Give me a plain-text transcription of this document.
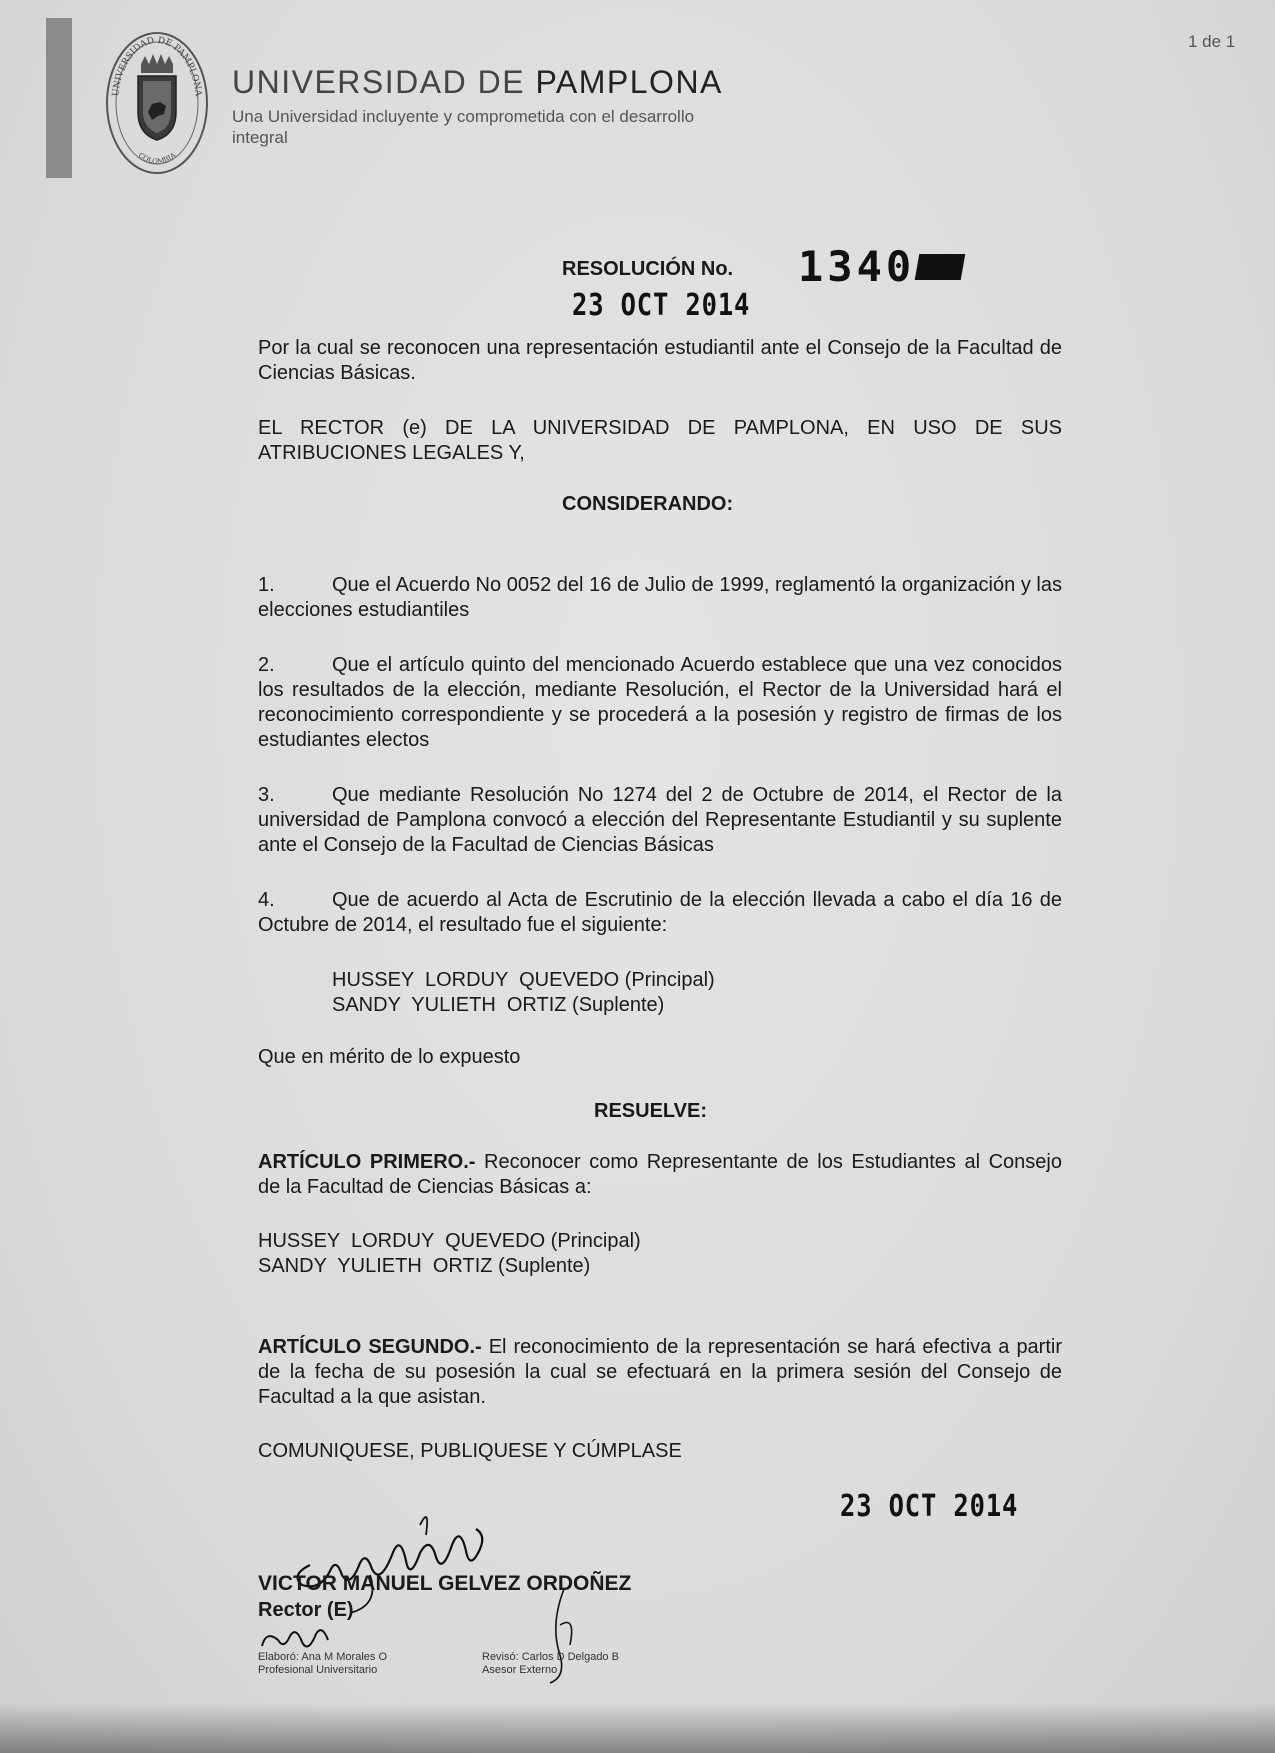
1 de 1
UNIVERSIDAD DE PAMPLONA
COLOMBIA
UNIVERSIDAD DE PAMPLONA
Una Universidad incluyente y comprometida con el desarrollo integral
RESOLUCIÓN No. 1340
23 OCT 2014
Por la cual se reconocen una representación estudiantil ante el Consejo de la Facultad de Ciencias Básicas.
EL RECTOR (e) DE LA UNIVERSIDAD DE PAMPLONA, EN USO DE SUS ATRIBUCIONES LEGALES Y,
CONSIDERANDO:
1.	Que el Acuerdo No 0052 del 16 de Julio de 1999, reglamentó la organización y las elecciones estudiantiles
2.	Que el artículo quinto del mencionado Acuerdo establece que una vez conocidos los resultados de la elección, mediante Resolución, el Rector de la Universidad hará el reconocimiento correspondiente y se procederá a la posesión y registro de firmas de los estudiantes electos
3.	Que mediante Resolución No 1274 del 2 de Octubre de 2014, el Rector de la universidad de Pamplona convocó a elección del Representante Estudiantil y su suplente ante el Consejo de la Facultad de Ciencias Básicas
4.	Que de acuerdo al Acta de Escrutinio de la elección llevada a cabo el día 16 de Octubre de 2014, el resultado fue el siguiente:
HUSSEY  LORDUY  QUEVEDO (Principal)
SANDY  YULIETH  ORTIZ (Suplente)
Que en mérito de lo expuesto
RESUELVE:
ARTÍCULO PRIMERO.- Reconocer como Representante de los Estudiantes al Consejo de la Facultad de Ciencias Básicas a:
HUSSEY  LORDUY  QUEVEDO (Principal)
SANDY  YULIETH  ORTIZ (Suplente)
ARTÍCULO SEGUNDO.- El reconocimiento de la representación se hará efectiva a partir de la fecha de su posesión la cual se efectuará en la primera sesión del Consejo de Facultad a la que asistan.
COMUNIQUESE, PUBLIQUESE Y CÚMPLASE
23 OCT 2014
VICTOR MANUEL GELVEZ ORDOÑEZ
Rector (E)
Elaboró: Ana M Morales O
Profesional Universitario
Revisó: Carlos D Delgado B
Asesor Externo
